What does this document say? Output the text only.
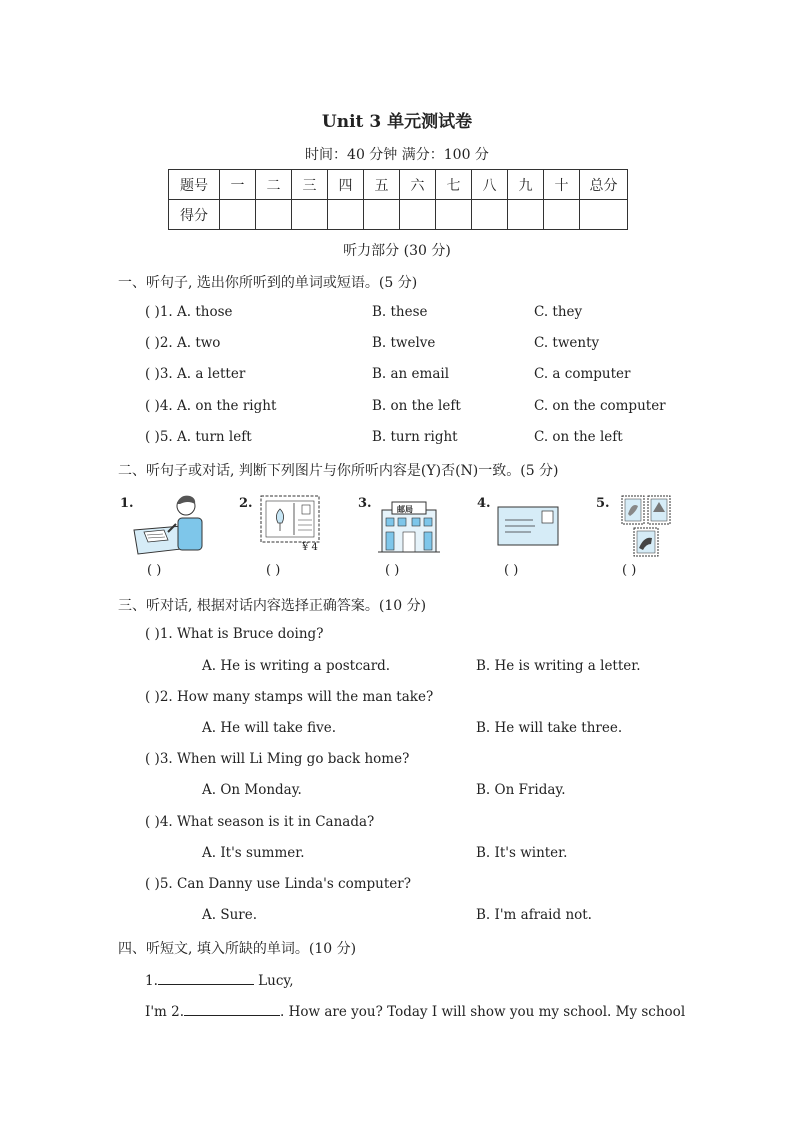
Unit 3 单元测试卷
时间：40 分钟 满分：100 分
题号	一	二	三	四	五	六	七	八	九	十	总分
得分											
听力部分 (30 分)
一、听句子, 选出你所听到的单词或短语。(5 分)
( )1. A. those	B. these	C. they
( )2. A. two	B. twelve	C. twenty
( )3. A. a letter	B. an email	C. a computer
( )4. A. on the right	B. on the left	C. on the computer
( )5. A. turn left	B. turn right	C. on the left
二、听句子或对话, 判断下列图片与你所听内容是(Y)否(N)一致。(5 分)
1.
( )
2.
¥ 4
( )
3.	邮局
( )
4.
( )
5.
( )
三、听对话, 根据对话内容选择正确答案。(10 分)
( )1. What is Bruce doing?
A. He is writing a postcard.	B. He is writing a letter.
( )2. How many stamps will the man take?
A. He will take five.	B. He will take three.
( )3. When will Li Ming go back home?
A. On Monday.	B. On Friday.
( )4. What season is it in Canada?
A. It's summer.	B. It's winter.
( )5. Can Danny use Linda's computer?
A. Sure.	B. I'm afraid not.
四、听短文, 填入所缺的单词。(10 分)
1.	Lucy,
I'm 2.	. How are you? Today I will show you my school. My school
